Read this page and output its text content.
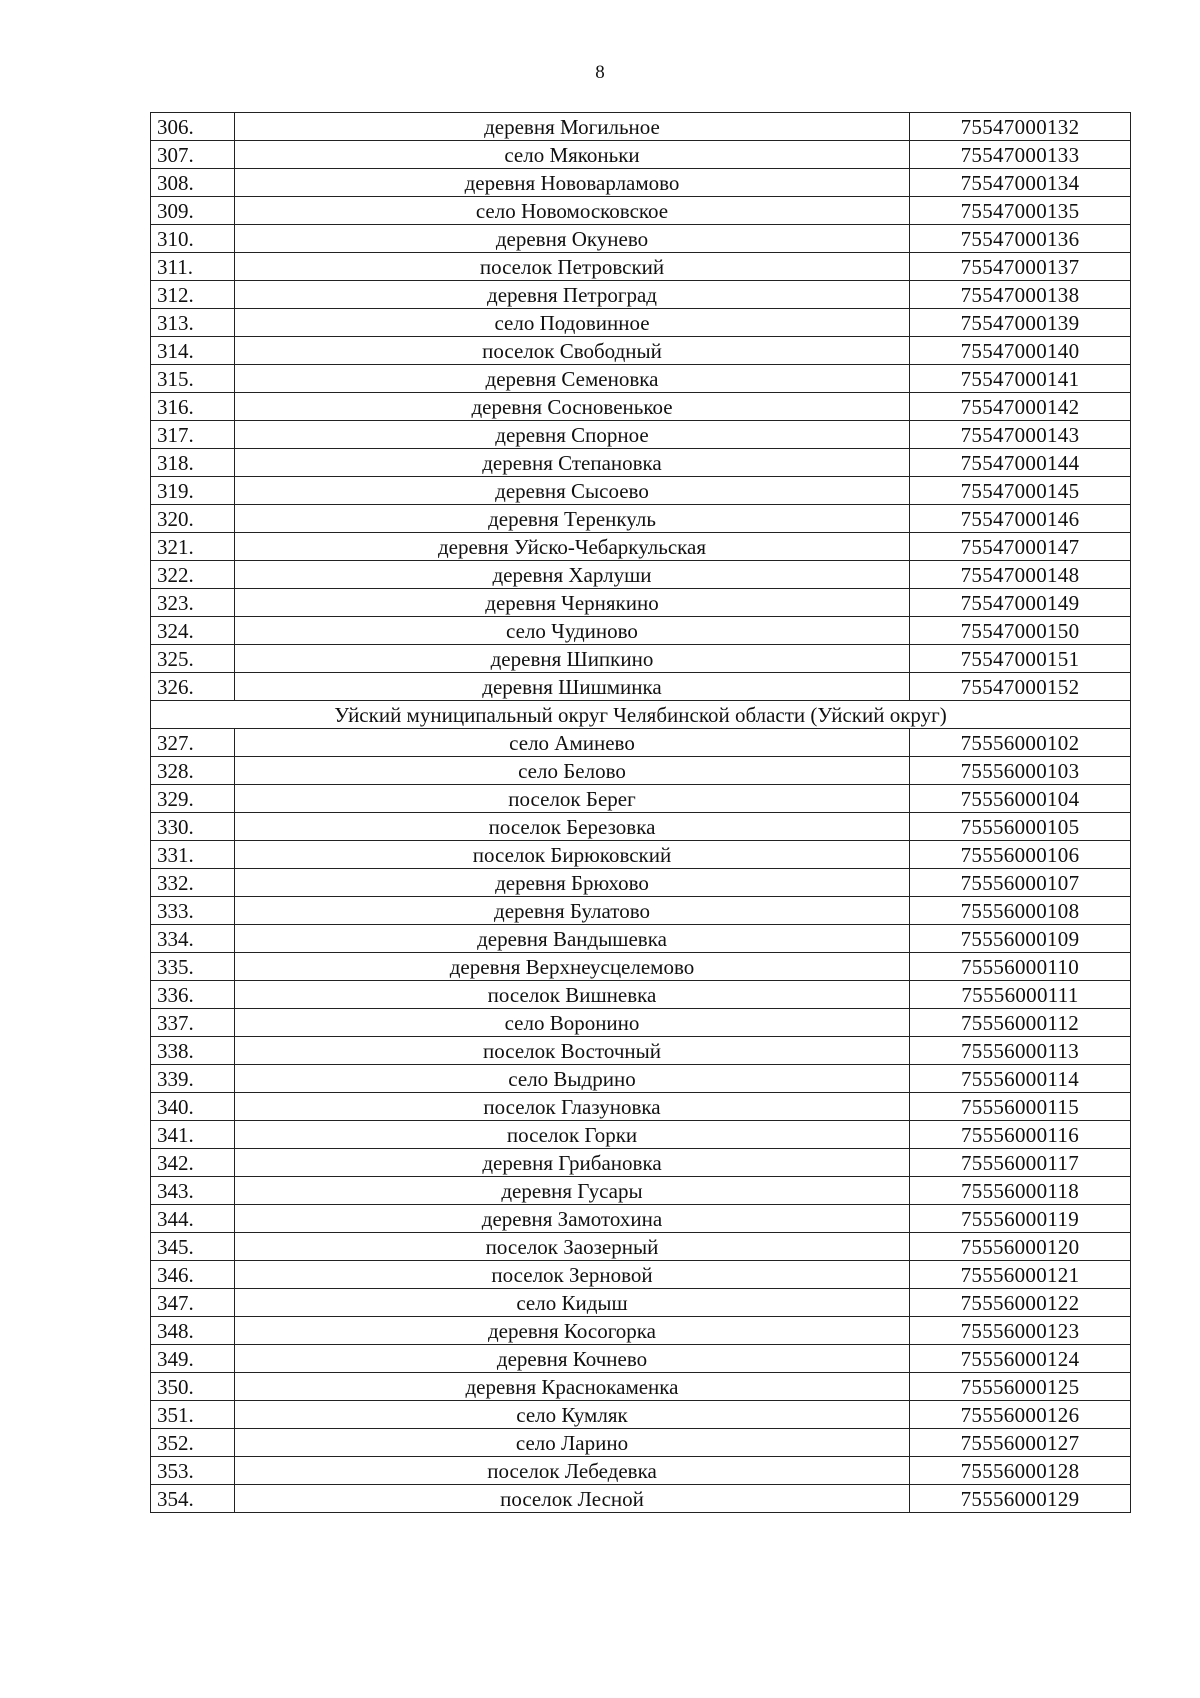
8
306.	деревня Могильное	75547000132
307.	село Мяконьки	75547000133
308.	деревня Нововарламово	75547000134
309.	село Новомосковское	75547000135
310.	деревня Окунево	75547000136
311.	поселок Петровский	75547000137
312.	деревня Петроград	75547000138
313.	село Подовинное	75547000139
314.	поселок Свободный	75547000140
315.	деревня Семеновка	75547000141
316.	деревня Сосновенькое	75547000142
317.	деревня Спорное	75547000143
318.	деревня Степановка	75547000144
319.	деревня Сысоево	75547000145
320.	деревня Теренкуль	75547000146
321.	деревня Уйско-Чебаркульская	75547000147
322.	деревня Харлуши	75547000148
323.	деревня Чернякино	75547000149
324.	село Чудиново	75547000150
325.	деревня Шипкино	75547000151
326.	деревня Шишминка	75547000152
Уйский муниципальный округ Челябинской области (Уйский округ)		
327.	село Аминево	75556000102
328.	село Белово	75556000103
329.	поселок Берег	75556000104
330.	поселок Березовка	75556000105
331.	поселок Бирюковский	75556000106
332.	деревня Брюхово	75556000107
333.	деревня Булатово	75556000108
334.	деревня Вандышевка	75556000109
335.	деревня Верхнеусцелемово	75556000110
336.	поселок Вишневка	75556000111
337.	село Воронино	75556000112
338.	поселок Восточный	75556000113
339.	село Выдрино	75556000114
340.	поселок Глазуновка	75556000115
341.	поселок Горки	75556000116
342.	деревня Грибановка	75556000117
343.	деревня Гусары	75556000118
344.	деревня Замотохина	75556000119
345.	поселок Заозерный	75556000120
346.	поселок Зерновой	75556000121
347.	село Кидыш	75556000122
348.	деревня Косогорка	75556000123
349.	деревня Кочнево	75556000124
350.	деревня Краснокаменка	75556000125
351.	село Кумляк	75556000126
352.	село Ларино	75556000127
353.	поселок Лебедевка	75556000128
354.	поселок Лесной	75556000129
